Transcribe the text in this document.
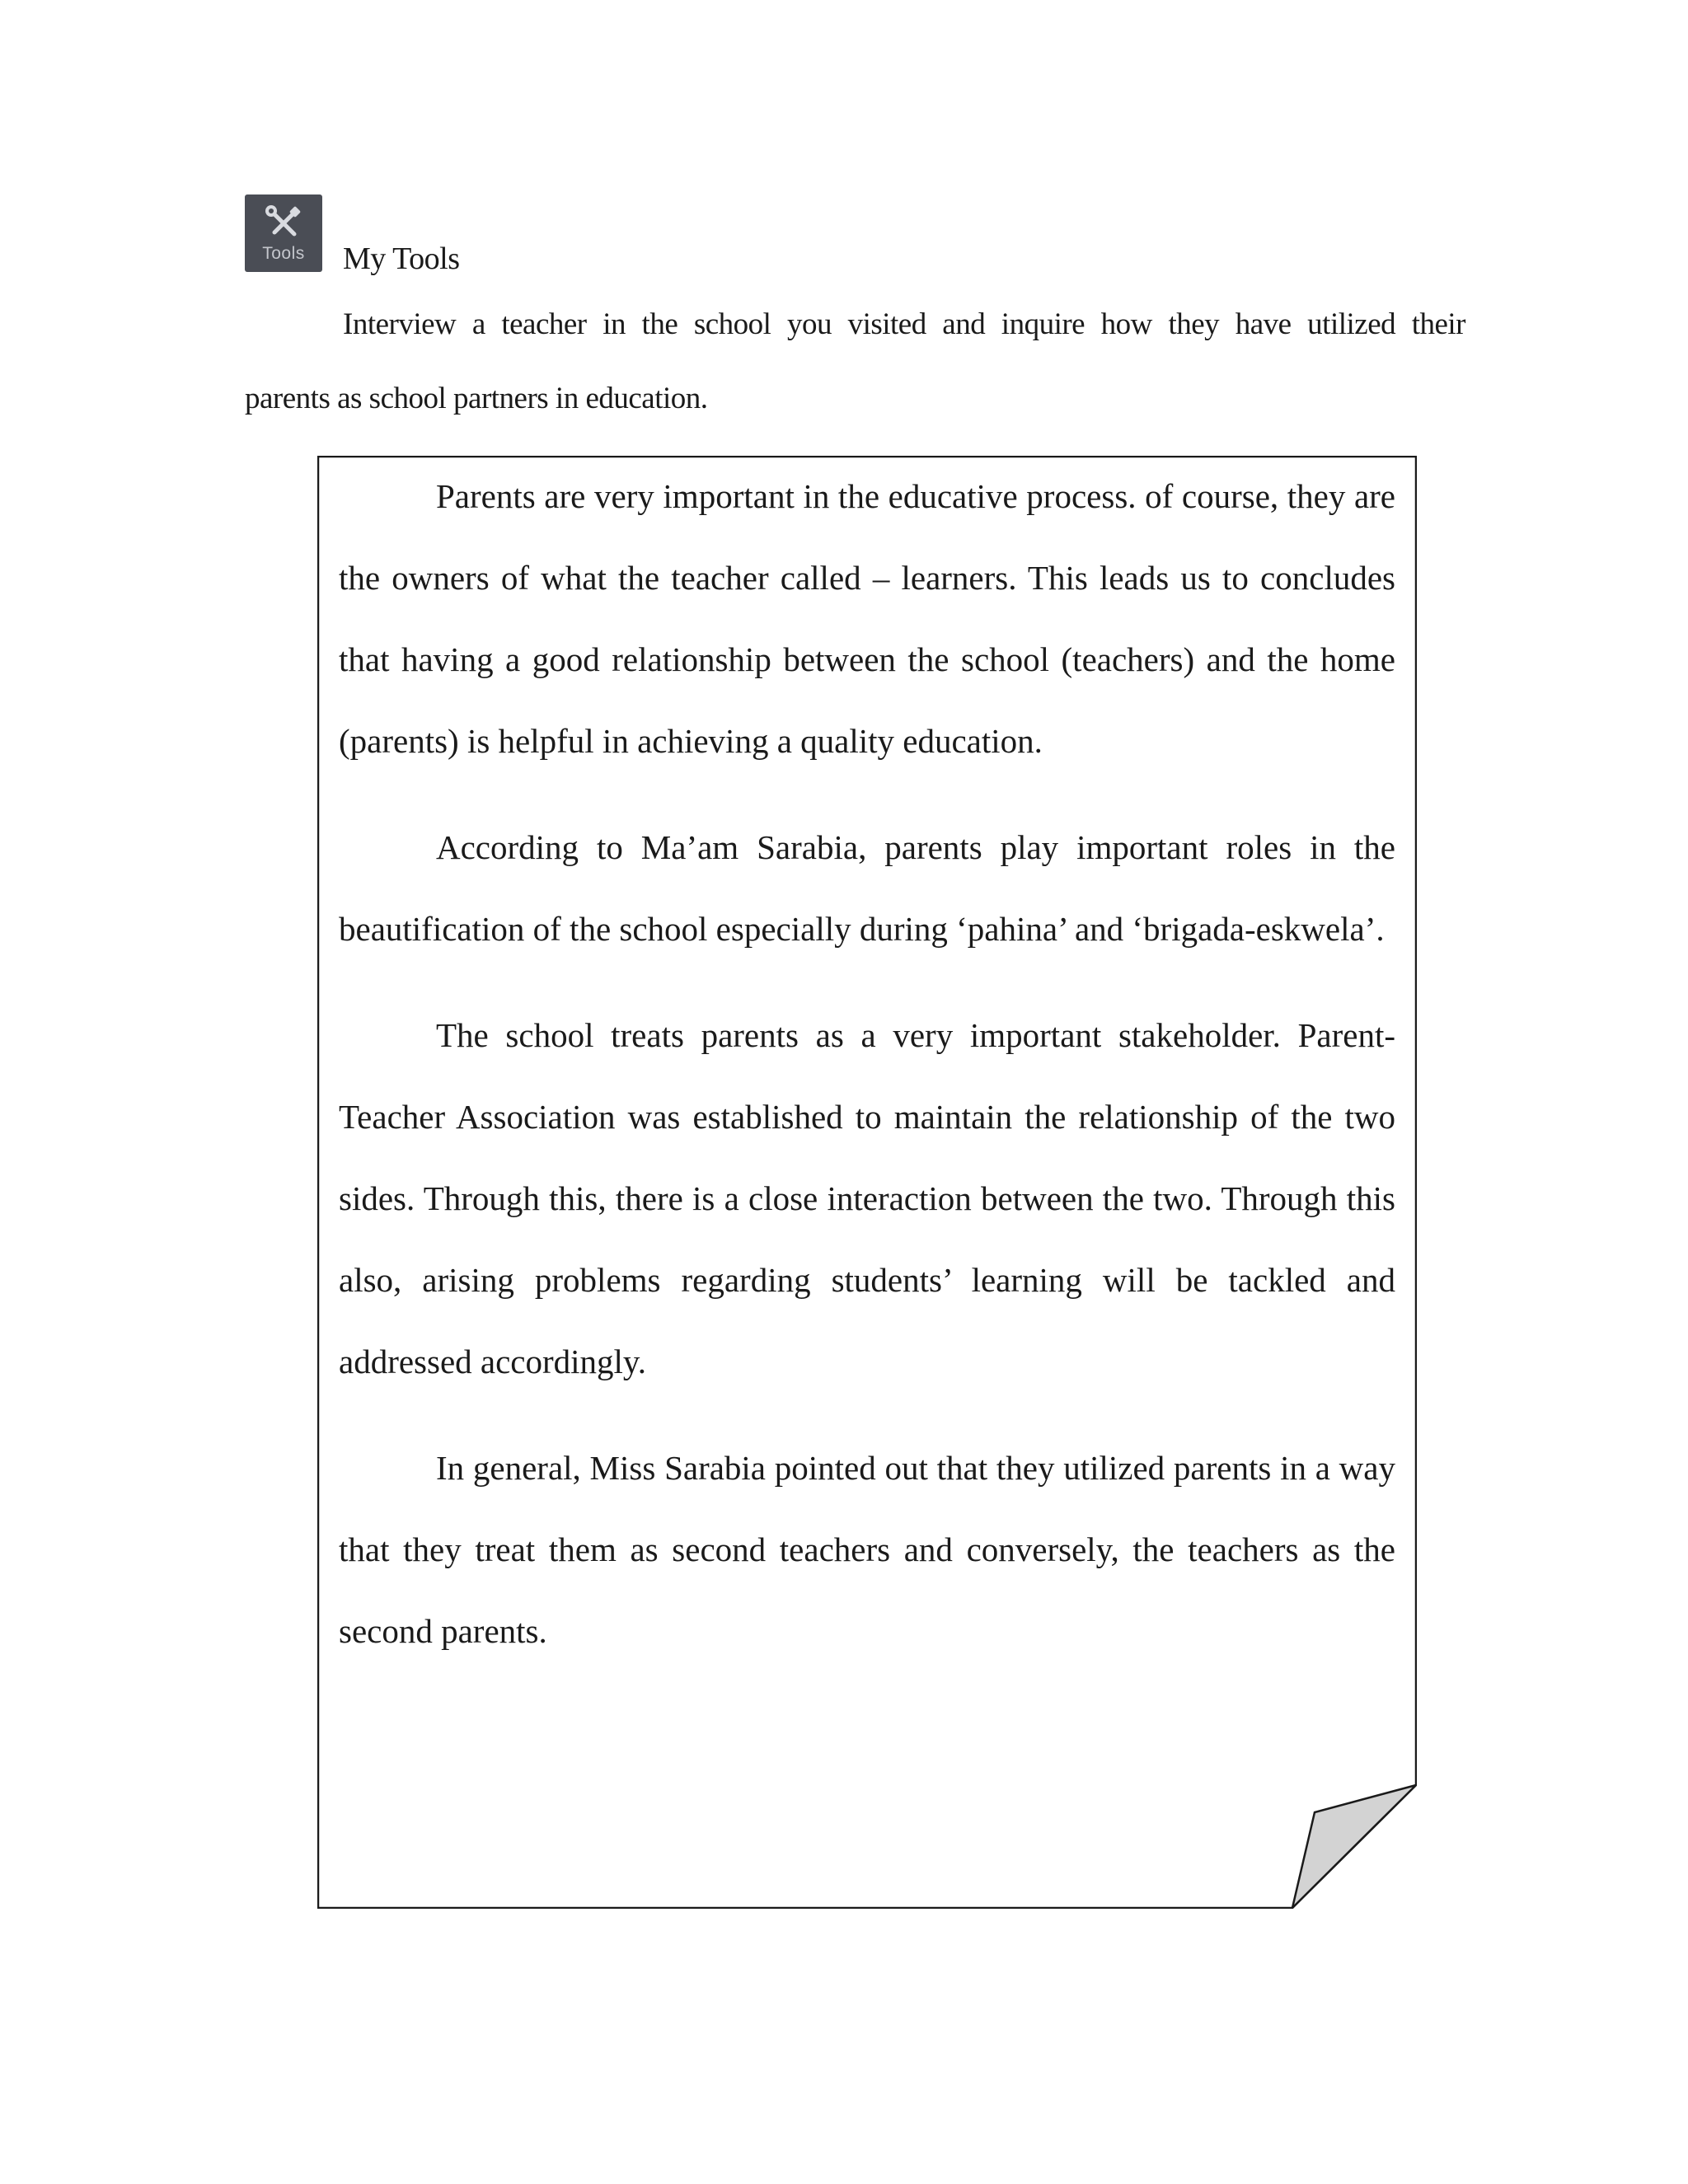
Tools	My Tools
Interview a teacher in the school you visited and inquire how they have utilized their
parents as school partners in education.

Parents are very important in the educative process. of course, they are the owners of what the teacher called – learners. This leads us to concludes that having a good relationship between the school (teachers) and the home (parents) is helpful in achieving a quality education.

According to Ma’am Sarabia, parents play important roles in the beautification of the school especially during ‘pahina’ and ‘brigada-eskwela’.

The school treats parents as a very important stakeholder. Parent-Teacher Association was established to maintain the relationship of the two sides. Through this, there is a close interaction between the two. Through this also, arising problems regarding students’ learning will be tackled and addressed accordingly.

In general, Miss Sarabia pointed out that they utilized parents in a way that they treat them as second teachers and conversely, the teachers as the second parents.
